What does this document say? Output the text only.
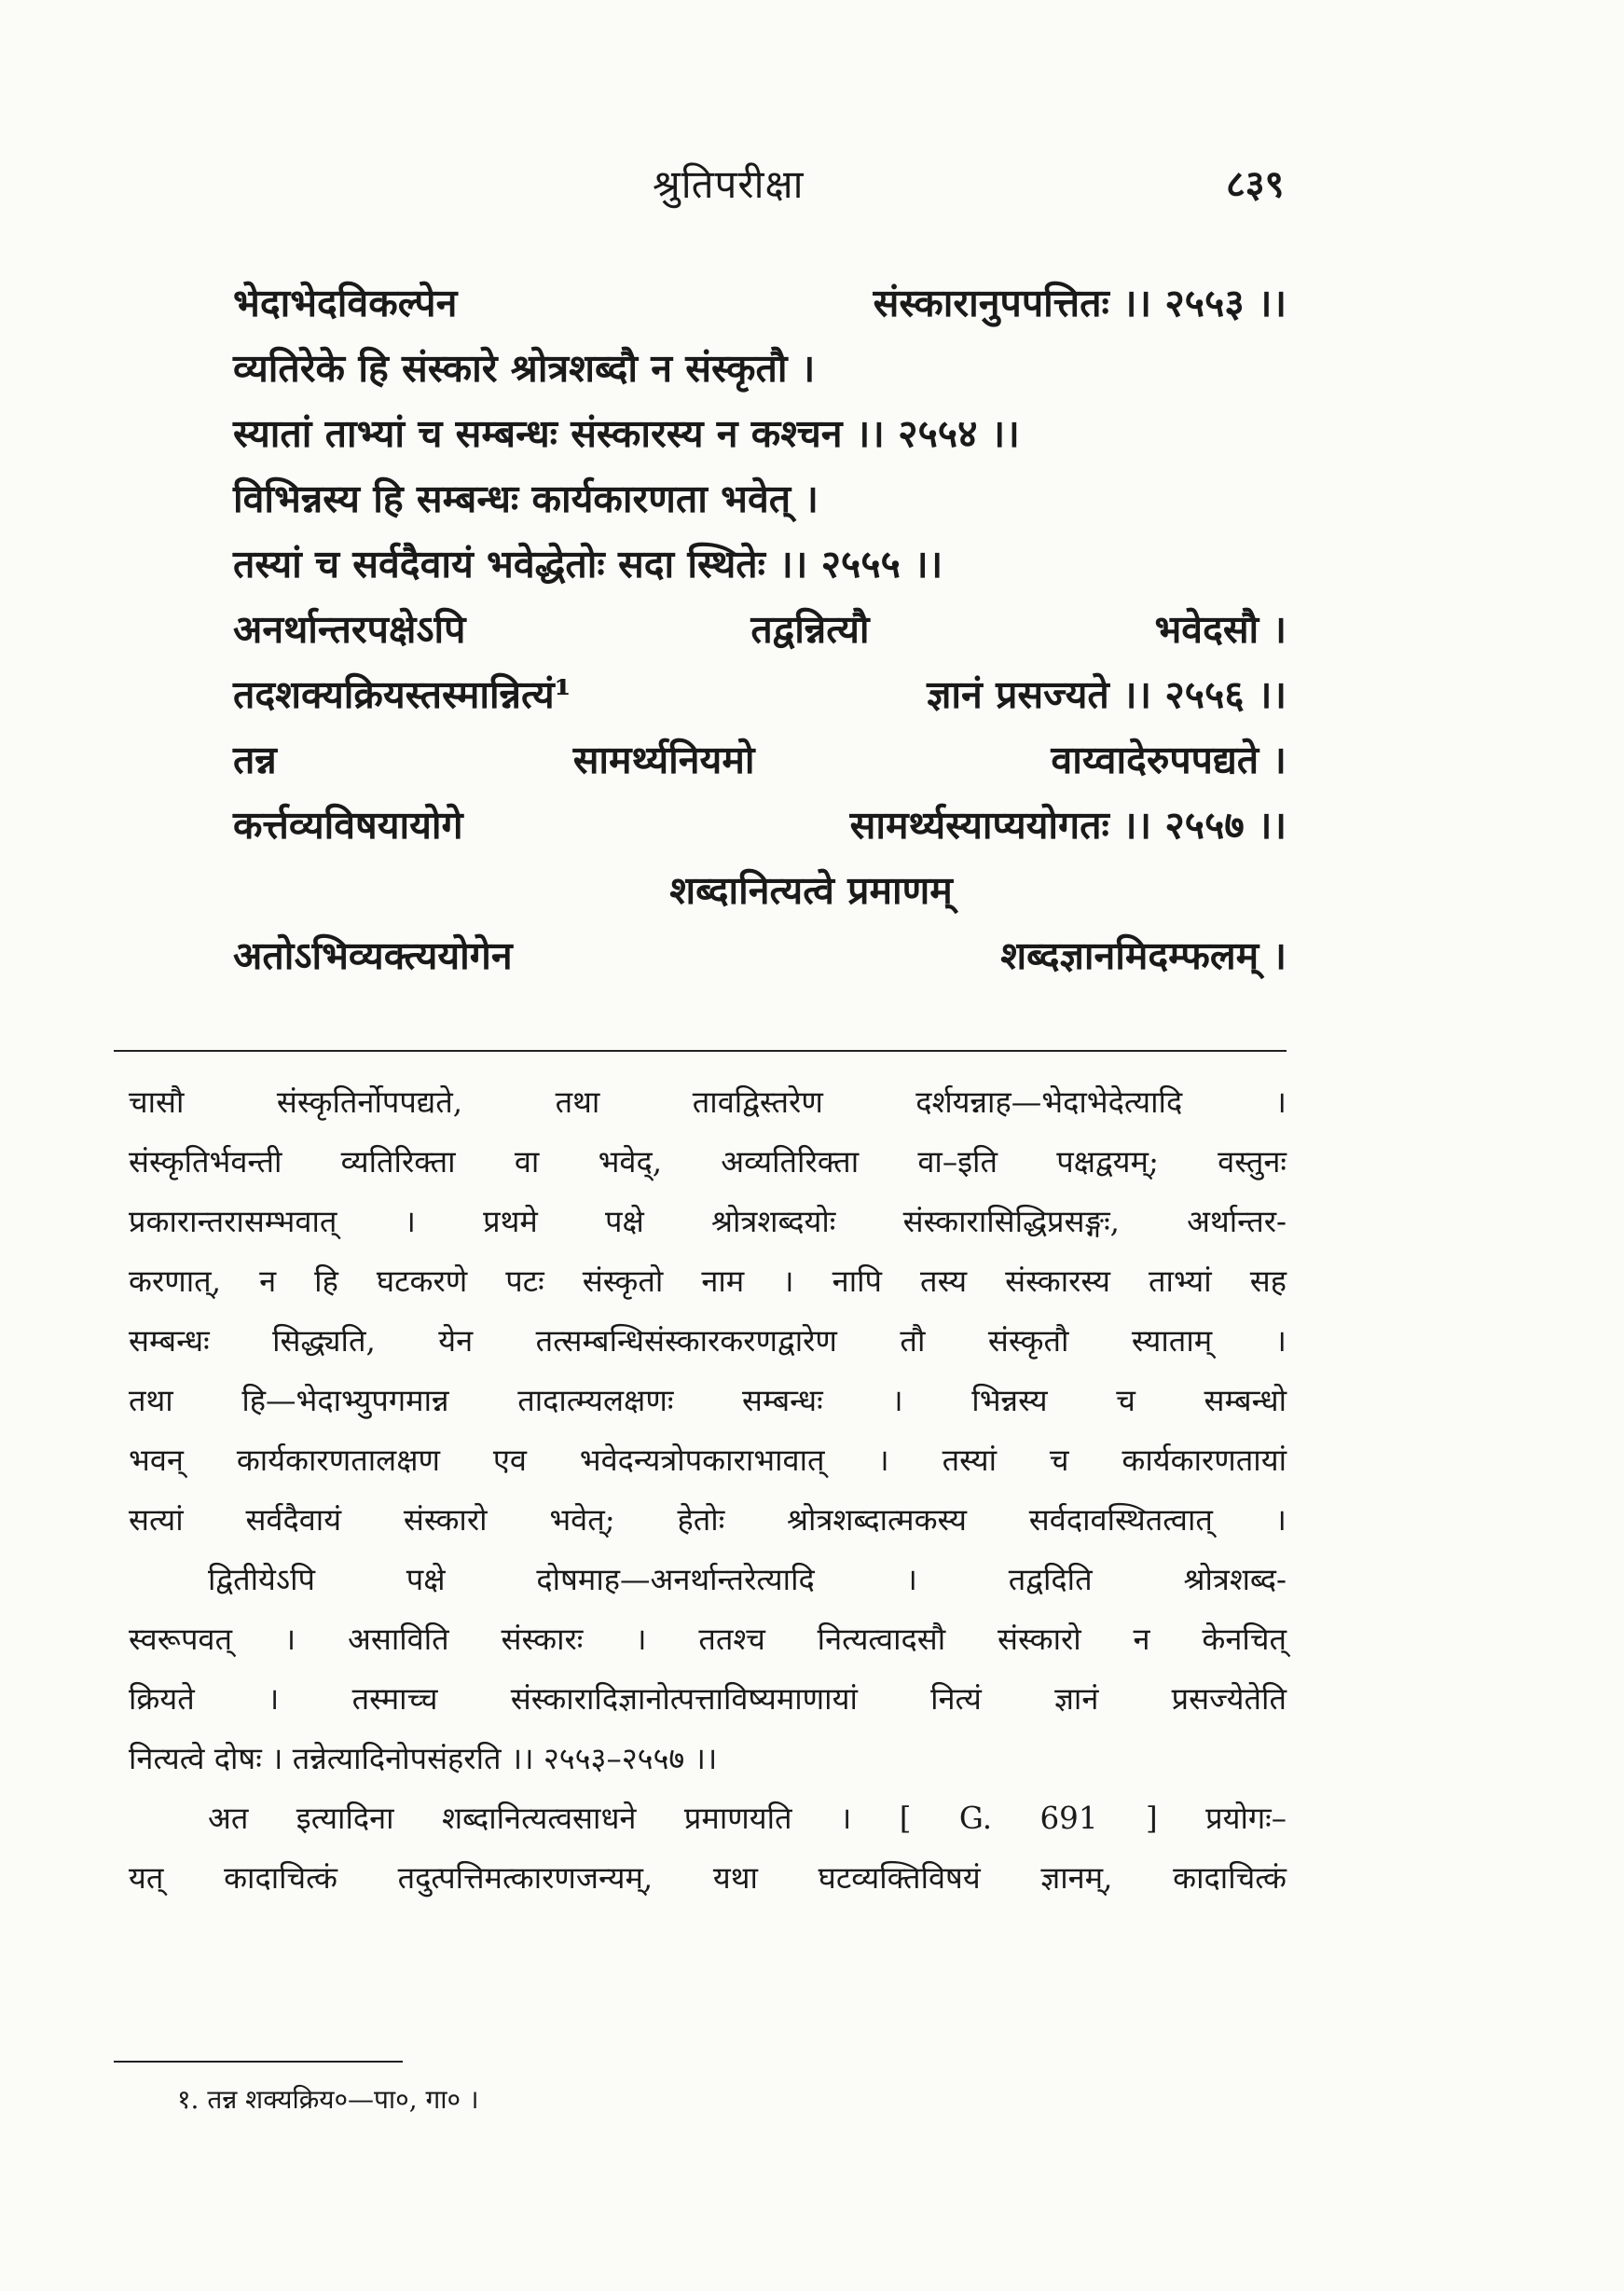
श्रुतिपरीक्षा	८३९
भेदाभेदविकल्पेन	संस्कारानुपपत्तितः ।। २५५३ ।।
व्यतिरेके हि संस्कारे श्रोत्रशब्दौ न संस्कृतौ ।
स्यातां ताभ्यां च सम्बन्धः संस्कारस्य न कश्चन ।। २५५४ ।।
विभिन्नस्य हि सम्बन्धः कार्यकारणता भवेत् ।
तस्यां च सर्वदैवायं भवेद्धेतोः सदा स्थितेः ।। २५५५ ।।
अनर्थान्तरपक्षेऽपि	तद्वन्नित्यौ	भवेदसौ ।
तदशक्यक्रियस्तस्मान्नित्यं¹	ज्ञानं प्रसज्यते ।। २५५६ ।।
तन्न	सामर्थ्यनियमो	वाय्वादेरुपपद्यते ।
कर्त्तव्यविषयायोगे	सामर्थ्यस्याप्ययोगतः ।। २५५७ ।।
शब्दानित्यत्वे प्रमाणम्
अतोऽभिव्यक्त्ययोगेन	शब्दज्ञानमिदम्फलम् ।
चासौ संस्कृतिर्नोपपद्यते, तथा तावद्विस्तरेण दर्शयन्नाह—भेदाभेदेत्यादि ।
संस्कृतिर्भवन्ती व्यतिरिक्ता वा भवेद्, अव्यतिरिक्ता वा–इति पक्षद्वयम्; वस्तुनः
प्रकारान्तरासम्भवात् । प्रथमे पक्षे श्रोत्रशब्दयोः संस्कारासिद्धिप्रसङ्गः, अर्थान्तर-
करणात्, न हि घटकरणे पटः संस्कृतो नाम । नापि तस्य संस्कारस्य ताभ्यां सह
सम्बन्धः सिद्ध्यति, येन तत्सम्बन्धिसंस्कारकरणद्वारेण तौ संस्कृतौ स्याताम् ।
तथा हि—भेदाभ्युपगमान्न तादात्म्यलक्षणः सम्बन्धः । भिन्नस्य च सम्बन्धो
भवन् कार्यकारणतालक्षण एव भवेदन्यत्रोपकाराभावात् । तस्यां च कार्यकारणतायां
सत्यां सर्वदैवायं संस्कारो भवेत्; हेतोः श्रोत्रशब्दात्मकस्य सर्वदावस्थितत्वात् ।
द्वितीयेऽपि पक्षे दोषमाह—अनर्थान्तरेत्यादि । तद्वदिति श्रोत्रशब्द-
स्वरूपवत् । असाविति संस्कारः । ततश्च नित्यत्वादसौ संस्कारो न केनचित्
क्रियते । तस्माच्च संस्कारादिज्ञानोत्पत्ताविष्यमाणायां नित्यं ज्ञानं प्रसज्येतेति
नित्यत्वे दोषः । तन्नेत्यादिनोपसंहरति ।। २५५३–२५५७ ।।
अत इत्यादिना शब्दानित्यत्वसाधने प्रमाणयति । [ G. 691 ] प्रयोगः–
यत् कादाचित्कं तदुत्पत्तिमत्कारणजन्यम्, यथा घटव्यक्तिविषयं ज्ञानम्, कादाचित्कं
१. तन्न शक्यक्रिय०—पा०, गा० ।
